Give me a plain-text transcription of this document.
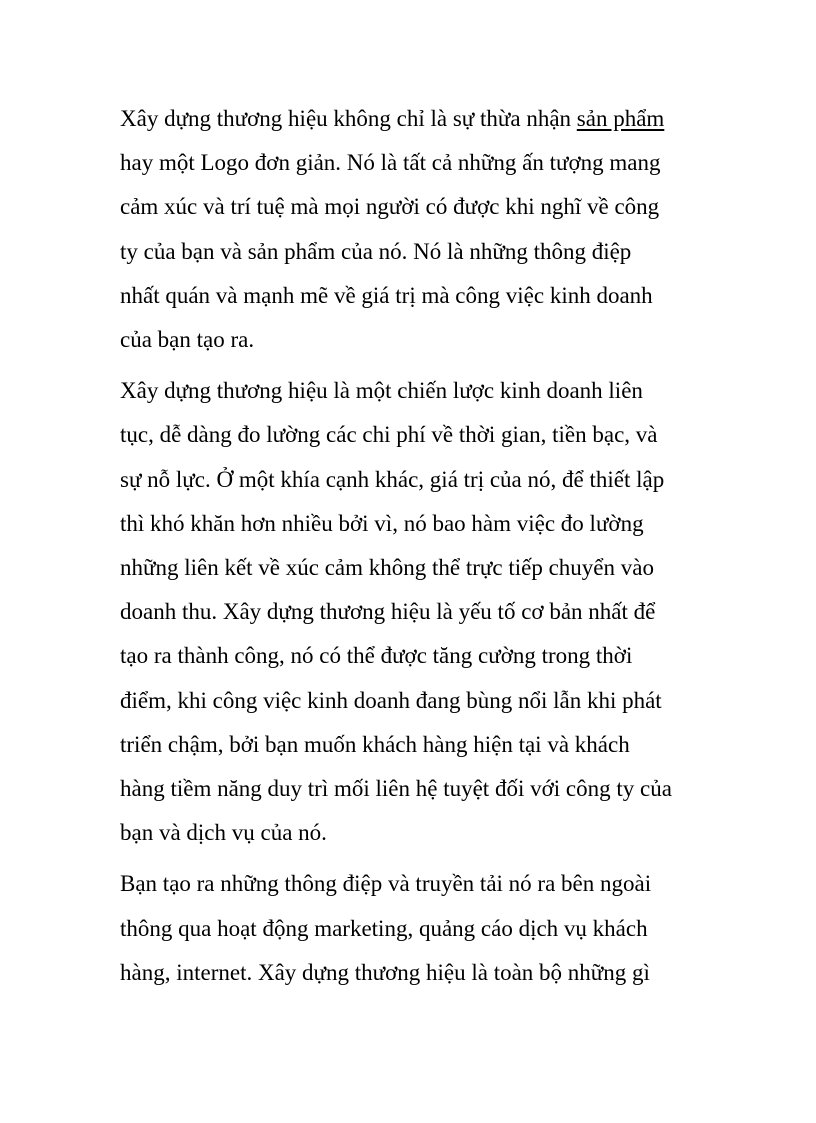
Xây dựng thương hiệu không chỉ là sự thừa nhận sản phẩm
hay một Logo đơn giản. Nó là tất cả những ấn tượng mang
cảm xúc và trí tuệ mà mọi người có được khi nghĩ về công
ty của bạn và sản phẩm của nó. Nó là những thông điệp
nhất quán và mạnh mẽ về giá trị mà công việc kinh doanh
của bạn tạo ra.

Xây dựng thương hiệu là một chiến lược kinh doanh liên
tục, dễ dàng đo lường các chi phí về thời gian, tiền bạc, và
sự nỗ lực. Ở một khía cạnh khác, giá trị của nó, để thiết lập
thì khó khăn hơn nhiều bởi vì, nó bao hàm việc đo lường
những liên kết về xúc cảm không thể trực tiếp chuyển vào
doanh thu. Xây dựng thương hiệu là yếu tố cơ bản nhất để
tạo ra thành công, nó có thể được tăng cường trong thời
điểm, khi công việc kinh doanh đang bùng nổi lẫn khi phát
triển chậm, bởi bạn muốn khách hàng hiện tại và khách
hàng tiềm năng duy trì mối liên hệ tuyệt đối với công ty của
bạn và dịch vụ của nó.

Bạn tạo ra những thông điệp và truyền tải nó ra bên ngoài
thông qua hoạt động marketing, quảng cáo dịch vụ khách
hàng, internet. Xây dựng thương hiệu là toàn bộ những gì
